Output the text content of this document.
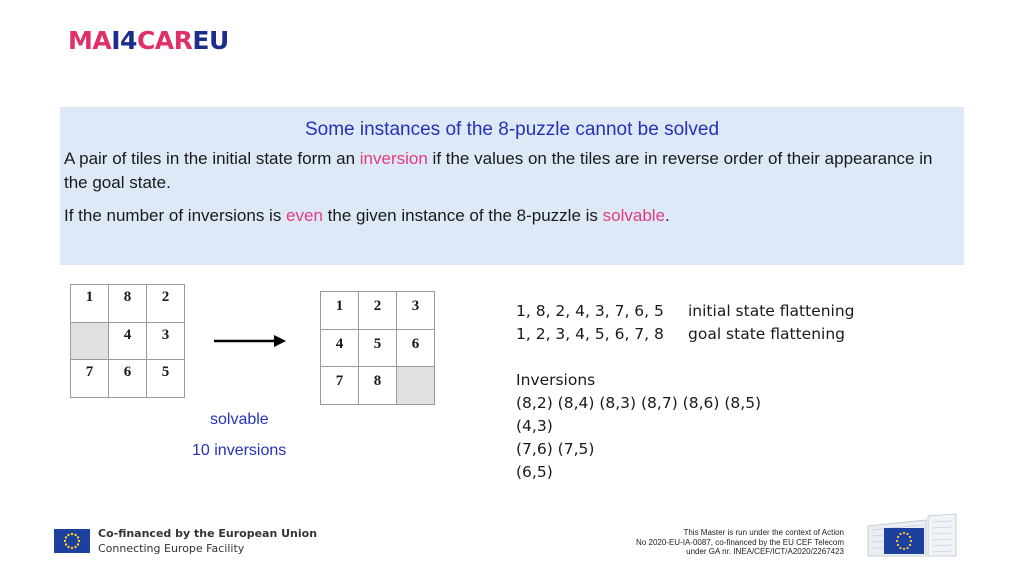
MAI4CAREU
Some instances of the 8-puzzle cannot be solved

A pair of tiles in the initial state form an inversion if the values on the tiles are in reverse order of their appearance in the goal state.

If the number of inversions is even the given instance of the 8-puzzle is solvable.

1	8	2
	4	3
7	6	5
1	2	3
4	5	6
7	8	
solvable
10 inversions
1, 8, 2, 4, 3, 7, 6, 5 initial state flattening
1, 2, 3, 4, 5, 6, 7, 8 goal state flattening
Inversions
(8,2) (8,4) (8,3) (8,7) (8,6) (8,5)
(4,3)
(7,6) (7,5)
(6,5)
Co-financed by the European Union
Connecting Europe Facility
This Master is run under the context of Action
No 2020-EU-IA-0087, co-financed by the EU CEF Telecom
under GA nr. INEA/CEF/ICT/A2020/2267423
